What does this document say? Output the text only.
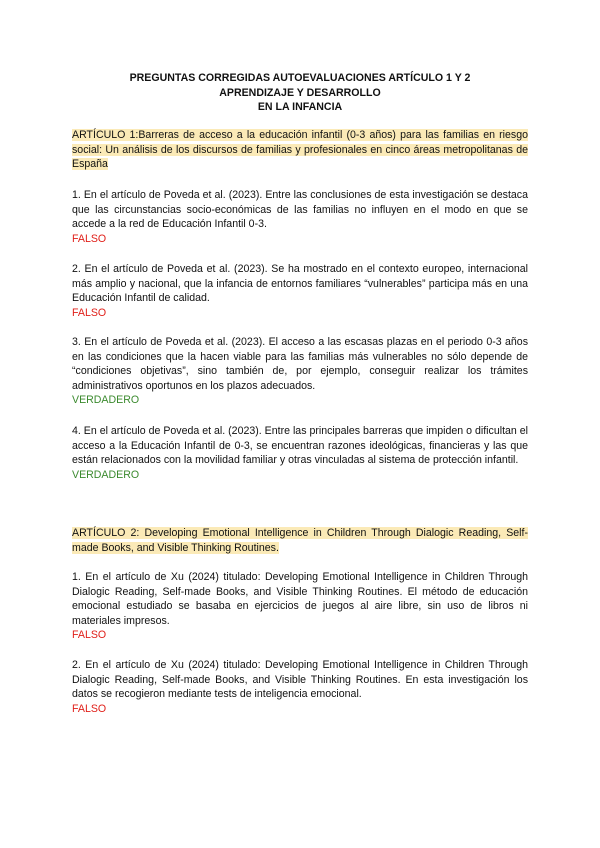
PREGUNTAS CORREGIDAS AUTOEVALUACIONES ARTÍCULO 1 Y 2
APRENDIZAJE Y DESARROLLO
EN LA INFANCIA

ARTÍCULO 1:Barreras de acceso a la educación infantil (0-3 años) para las familias en riesgo social: Un análisis de los discursos de familias y profesionales en cinco áreas metropolitanas de España

1. En el artículo de Poveda et al. (2023). Entre las conclusiones de esta investigación se destaca que las circunstancias socio-económicas de las familias no influyen en el modo en que se accede a la red de Educación Infantil 0-3.

FALSO

2. En el artículo de Poveda et al. (2023). Se ha mostrado en el contexto europeo, internacional más amplio y nacional, que la infancia de entornos familiares “vulnerables” participa más en una Educación Infantil de calidad.

FALSO

3. En el artículo de Poveda et al. (2023). El acceso a las escasas plazas en el periodo 0-3 años en las condiciones que la hacen viable para las familias más vulnerables no sólo depende de “condiciones objetivas”, sino también de, por ejemplo, conseguir realizar los trámites administrativos oportunos en los plazos adecuados.

VERDADERO

4. En el artículo de Poveda et al. (2023). Entre las principales barreras que impiden o dificultan el acceso a la Educación Infantil de 0-3, se encuentran razones ideológicas, financieras y las que están relacionados con la movilidad familiar y otras vinculadas al sistema de protección infantil.

VERDADERO

ARTÍCULO 2: Developing Emotional Intelligence in Children Through Dialogic Reading, Self-made Books, and Visible Thinking Routines.

1. En el artículo de Xu (2024) titulado: Developing Emotional Intelligence in Children Through Dialogic Reading, Self-made Books, and Visible Thinking Routines. El método de educación emocional estudiado se basaba en ejercicios de juegos al aire libre, sin uso de libros ni materiales impresos.

FALSO

2. En el artículo de Xu (2024) titulado: Developing Emotional Intelligence in Children Through Dialogic Reading, Self-made Books, and Visible Thinking Routines. En esta investigación los datos se recogieron mediante tests de inteligencia emocional.

FALSO
